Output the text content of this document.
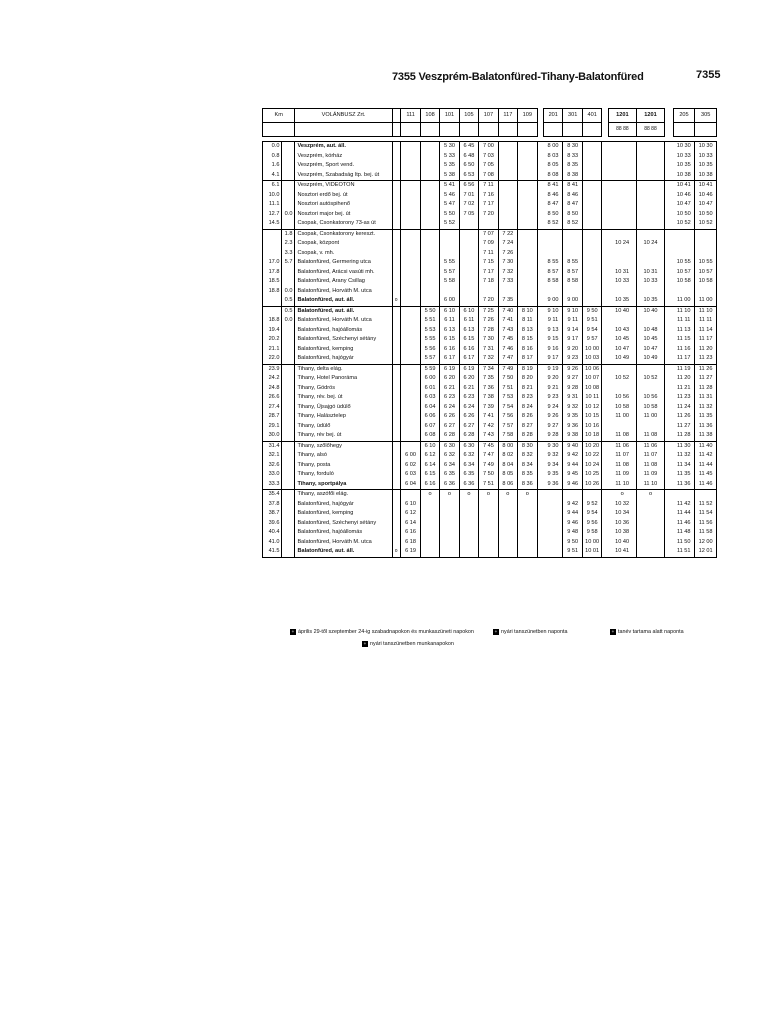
7355 Veszprém-Balatonfüred-Tihany-Balatonfüred	7355
Km		VOLÁNBUSZ Zrt.		111	108	101	105	107	117	109		201	301	401		1201	1201		205	305
																88 88	88 88			

0.0		Veszprém, aut. áll.				5 30	6 45	7 00				8 00	8 30						10 30	10 30
0.8		Veszprém, kórház				5 33	6 48	7 03				8 03	8 33						10 33	10 33
1.6		Veszprém, Sport vend.				5 35	6 50	7 05				8 05	8 35						10 35	10 35
4.1		Veszprém, Szabadság ltp. bej. út				5 38	6 53	7 08				8 08	8 38						10 38	10 38
6.1		Veszprém, VIDEOTON				5 41	6 56	7 11				8 41	8 41						10 41	10 41
10.0		Nosztori erdő bej. út				5 46	7 01	7 16				8 46	8 46						10 46	10 46
11.1		Nosztori autóspihenő				5 47	7 02	7 17				8 47	8 47						10 47	10 47
12.7	0.0	Nosztori major bej. út				5 50	7 05	7 20				8 50	8 50						10 50	10 50
14.5		Csopak, Csonkatorony 73-as út				5 52						8 52	8 52						10 52	10 52
	1.8	Csopak, Csonkatorony kereszt.						7 07	7 22											
	2.3	Csopak, központ						7 09	7 24							10 24	10 24			
	3.3	Csopak, v. mh.						7 11	7 26											
17.0	5.7	Balatonfüred, Germering utca				5 55		7 15	7 30			8 55	8 55						10 55	10 55
17.8		Balatonfüred, Arácsi vasúti mh.				5 57		7 17	7 32			8 57	8 57			10 31	10 31		10 57	10 57
18.5		Balatonfüred, Arany Csillag				5 58		7 18	7 33			8 58	8 58			10 33	10 33		10 58	10 58
18.8	0.0	Balatonfüred, Horváth M. utca																		
	0.5	Balatonfüred, aut. áll.	o			6 00		7 20	7 35			9 00	9 00			10 35	10 35		11 00	11 00
	0.5	Balatonfüred, aut. áll.			5 50	6 10	6 10	7 25	7 40	8 10		9 10	9 10	9 50		10 40	10 40		11 10	11 10
18.8	0.0	Balatonfüred, Horváth M. utca			5 51	6 11	6 11	7 26	7 41	8 11		9 11	9 11	9 51					11 11	11 11
19.4		Balatonfüred, hajóállomás			5 53	6 13	6 13	7 28	7 43	8 13		9 13	9 14	9 54		10 43	10 48		11 13	11 14
20.2		Balatonfüred, Széchenyi sétány			5 55	6 15	6 15	7 30	7 45	8 15		9 15	9 17	9 57		10 45	10 45		11 15	11 17
21.1		Balatonfüred, kemping			5 56	6 16	6 16	7 31	7 46	8 16		9 16	9 20	10 00		10 47	10 47		11 16	11 20
22.0		Balatonfüred, hajógyár			5 57	6 17	6 17	7 32	7 47	8 17		9 17	9 23	10 03		10 49	10 49		11 17	11 23
23.9		Tihany, delta elág.			5 59	6 19	6 19	7 34	7 49	8 19		9 19	9 26	10 06					11 19	11 26
24.2		Tihany, Hotel Panoráma			6 00	6 20	6 20	7 35	7 50	8 20		9 20	9 27	10 07		10 52	10 52		11 20	11 27
24.8		Tihany, Gödrös			6 01	6 21	6 21	7 36	7 51	8 21		9 21	9 28	10 08					11 21	11 28
26.6		Tihany, rév. bej. út			6 03	6 23	6 23	7 38	7 53	8 23		9 23	9 31	10 11		10 56	10 56		11 23	11 31
27.4		Tihany, Újsajgó üdülő			6 04	6 24	6 24	7 39	7 54	8 24		9 24	9 32	10 12		10 58	10 58		11 24	11 32
28.7		Tihany, Halászteleр			6 06	6 26	6 26	7 41	7 56	8 26		9 26	9 35	10 15		11 00	11 00		11 26	11 35
29.1		Tihany, üdülő			6 07	6 27	6 27	7 42	7 57	8 27		9 27	9 36	10 16					11 27	11 36
30.0		Tihany, rév bej. út			6 08	6 28	6 28	7 43	7 58	8 28		9 28	9 38	10 18		11 08	11 08		11 28	11 38
31.4		Tihany, szőlőhegy			6 10	6 30	6 30	7 45	8 00	8 30		9 30	9 40	10 20		11 06	11 06		11 30	11 40
32.1		Tihany, alsó		6 00	6 12	6 32	6 32	7 47	8 02	8 32		9 32	9 42	10 22		11 07	11 07		11 32	11 42
32.6		Tihany, posta		6 02	6 14	6 34	6 34	7 49	8 04	8 34		9 34	9 44	10 24		11 08	11 08		11 34	11 44
33.0		Tihany, forduló		6 03	6 15	6 35	6 35	7 50	8 05	8 35		9 35	9 45	10 25		11 09	11 09		11 35	11 45
33.3		Tihany, sportpálya		6 04	6 16	6 36	6 36	7 51	8 06	8 36		9 36	9 46	10 26		11 10	11 10		11 36	11 46
35.4		Tihany, aszófői elág.			o	o	o	o	o	o						o	o			
37.8		Balatonfüred, hajógyár		6 10									9 42	9 52		10 32			11 42	11 52
38.7		Balatonfüred, kemping		6 12									9 44	9 54		10 34			11 44	11 54
39.6		Balatonfüred, Széchenyi sétány		6 14									9 46	9 56		10 36			11 46	11 56
40.4		Balatonfüred, hajóállomás		6 16									9 48	9 58		10 38			11 48	11 58
41.0		Balatonfüred, Horváth M. utca		6 18									9 50	10 00		10 40			11 50	12 00
41.5		Balatonfüred, aut. áll.	o	6 19									9 51	10 01		10 41			11 51	12 01
+ április 29-től szeptember 24-ig szabadnapokon és munkaszüneti napokon	+ nyári tanszünetben naponta	+ tanév tartama alatt naponta
+ nyári tanszünetben munkanapokon
